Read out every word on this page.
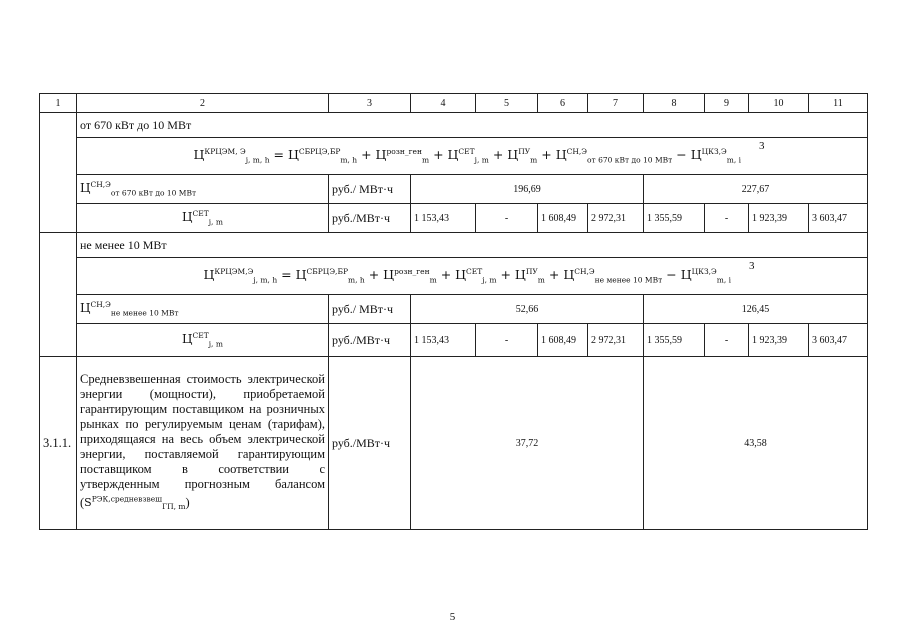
1	2	3	4	5	6	7	8	9	10	11
	от 670 кВт до 10 МВт									
	$Ц^{КРЦЭМ, Э}_{j, m, h} = Ц^{СБРЦЭ,БР}_{m, h} + Ц^{розн\_ген}_m + Ц^{СЕТ}_{j, m} + Ц^{ПУ}_m + Ц^{СН,Э}_{от 670 кВт до 10 МВт} - Ц^{ЦКЗ,Э}_{m, i}$ $^3$
	$Ц^{СН,Э}_{от 670 кВт до 10 МВт}$	руб./ МВт·ч	196,69				227,67			
	$Ц^{СЕТ}_{j, m}$	руб./МВт·ч	1 153,43	-	1 608,49	2 972,31	1 355,59	-	1 923,39	3 603,47
	не менее 10 МВт									
	$Ц^{КРЦЭМ,Э}_{j, m, h} = Ц^{СБРЦЭ,БР}_{m, h} + Ц^{розн\_ген}_m + Ц^{СЕТ}_{j, m} + Ц^{ПУ}_m + Ц^{СН,Э}_{не менее 10 МВт} - Ц^{ЦКЗ,Э}_{m, i}$ $^3$
	$Ц^{СН,Э}_{не менее 10 МВт}$	руб./ МВт·ч	52,66				126,45			
	$Ц^{СЕТ}_{j, m}$	руб./МВт·ч	1 153,43	-	1 608,49	2 972,31	1 355,59	-	1 923,39	3 603,47
3.1.1.	Средневзвешенная стоимость электрической энергии (мощности), приобретаемой гарантирующим поставщиком на розничных рынках по регулируемым ценам (тарифам), приходящаяся на весь объем электрической энергии, поставляемой гарантирующим поставщиком в соответствии с утвержденным прогнозным балансом $(S^{РЭК,средневзвеш}_{ГП, m})$	руб./МВт·ч	37,72				43,58			
5
